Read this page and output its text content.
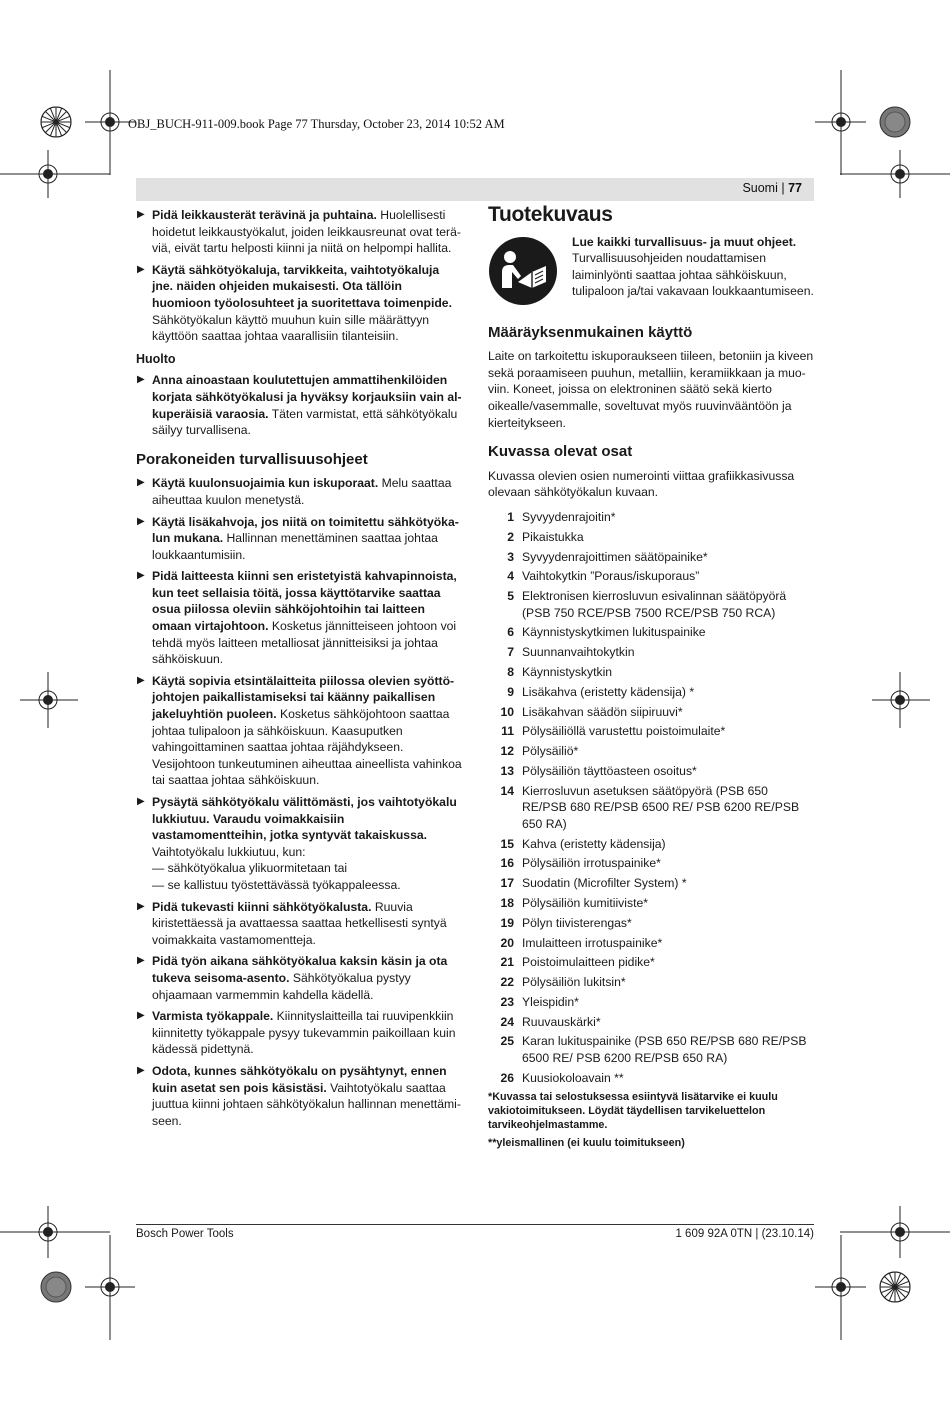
OBJ_BUCH-911-009.book Page 77 Thursday, October 23, 2014 10:52 AM
Suomi | 77
▶ Pidä leikkausterät terävinä ja puhtaina. Huolellisesti hoidetut leikkaustyökalut, joiden leikkausreunat ovat teräviä, eivät tartu helposti kiinni ja niitä on helpompi hallita.
▶ Käytä sähkötyökaluja, tarvikkeita, vaihtotyökaluja jne. näiden ohjeiden mukaisesti. Ota tällöin huomioon työolosuhteet ja suoritettava toimenpide. Sähkötyökalun käyttö muuhun kuin sille määrättyyn käyttöön saattaa johtaa vaarallisiin tilanteisiin.
Huolto
▶ Anna ainoastaan koulutettujen ammattihenkilöiden korjata sähkötyökalusi ja hyväksy korjauksiin vain alkuperäisiä varaosia. Täten varmistat, että sähkötyökalu säilyy turvallisena.
Porakoneiden turvallisuusohjeet
▶ Käytä kuulonsuojaimia kun iskuporaat. Melu saattaa aiheuttaa kuulon menetystä.
▶ Käytä lisäkahvoja, jos niitä on toimitettu sähkötyökalun mukana. Hallinnan menettäminen saattaa johtaa loukkaantumisiin.
▶ Pidä laitteesta kiinni sen eristetyistä kahvapinnoista, kun teet sellaisia töitä, jossa käyttötarvike saattaa osua piilossa oleviin sähköjohtoihin tai laitteen omaan virtajohtoon. Kosketus jännitteiseen johtoon voi tehdä myös laitteen metalliosat jännitteisiksi ja johtaa sähköiskuun.
▶ Käytä sopivia etsintälaitteita piilossa olevien syöttöjohtojen paikallistamiseksi tai käänny paikallisen jakeluyhtiön puoleen. Kosketus sähköjohtoon saattaa johtaa tulipaloon ja sähköiskuun. Kaasuputken vahingoittaminen saattaa johtaa räjähdykseen. Vesijohtoon tunkeutuminen aiheuttaa aineellista vahinkoa tai saattaa johtaa sähköiskuun.
▶ Pysäytä sähkötyökalu välittömästi, jos vaihtotyökalu lukkiutuu. Varaudu voimakkaisiin vastamomentteihin, jotka syntyvät takaiskussa. Vaihtotyökalu lukkiutuu, kun:
— sähkötyökalua ylikuormitetaan tai
— se kallistuu työstettävässä työkappaleessa.
▶ Pidä tukevasti kiinni sähkötyökalusta. Ruuvia kiristettäessä ja avattaessa saattaa hetkellisesti syntyä voimakkaita vastamomentteja.
▶ Pidä työn aikana sähkötyökalua kaksin käsin ja ota tukeva seisoma-asento. Sähkötyökalua pystyy ohjaamaan varmemmin kahdella kädellä.
▶ Varmista työkappale. Kiinnityslaitteilla tai ruuvipenkkiin kiinnitetty työkappale pysyy tukevammin paikoillaan kuin kädessä pidettynä.
▶ Odota, kunnes sähkötyökalu on pysähtynyt, ennen kuin asetat sen pois käsistäsi. Vaihtotyökalu saattaa juuttua kiinni johtaen sähkötyökalun hallinnan menettämiseen.
Tuotekuvaus
Lue kaikki turvallisuus- ja muut ohjeet. Turvallisuusohjeiden noudattamisen laiminlyönti saattaa johtaa sähköiskuun, tulipaloon ja/tai vakavaan loukkaantumiseen.
Määräyksenmukainen käyttö
Laite on tarkoitettu iskuporaukseen tiileen, betoniin ja kiveen sekä poraamiseen puuhun, metalliin, keramiikkaan ja muoviin. Koneet, joissa on elektroninen säätö sekä kierto oikealle/vasemmalle, soveltuvat myös ruuvinvääntöön ja kierteitykseen.
Kuvassa olevat osat
Kuvassa olevien osien numerointi viittaa grafiikkasivussa olevaan sähkötyökalun kuvaan.
1 Syvyydenrajoitin*
2 Pikaistukka
3 Syvyydenrajoittimen säätöpainike*
4 Vaihtokytkin ”Poraus/iskuporaus”
5 Elektronisen kierrosluvun esivalinnan säätöpyörä (PSB 750 RCE/PSB 7500 RCE/PSB 750 RCA)
6 Käynnistyskytkimen lukituspainike
7 Suunnanvaihtokytkin
8 Käynnistyskytkin
9 Lisäkahva (eristetty kädensija) *
10 Lisäkahvan säädön siipiruuvi*
11 Pölysäiliöllä varustettu poistoimulaite*
12 Pölysäiliö*
13 Pölysäiliön täyttöasteen osoitus*
14 Kierrosluvun asetuksen säätöpyörä (PSB 650 RE/PSB 680 RE/PSB 6500 RE/ PSB 6200 RE/PSB 650 RA)
15 Kahva (eristetty kädensija)
16 Pölysäiliön irrotuspainike*
17 Suodatin (Microfilter System) *
18 Pölysäiliön kumitiiviste*
19 Pölyn tiivisterengas*
20 Imulaitteen irrotuspainike*
21 Poistoimulaitteen pidike*
22 Pölysäiliön lukitsin*
23 Yleispidin*
24 Ruuvauskärki*
25 Karan lukituspainike (PSB 650 RE/PSB 680 RE/PSB 6500 RE/ PSB 6200 RE/PSB 650 RA)
26 Kuusiokoloavain **
*Kuvassa tai selostuksessa esiintyvä lisätarvike ei kuulu vakiotoimitukseen. Löydät täydellisen tarvikeluettelon tarvikeohjelmastamme.
**yleismallinen (ei kuulu toimitukseen)
Bosch Power Tools	1 609 92A 0TN | (23.10.14)
